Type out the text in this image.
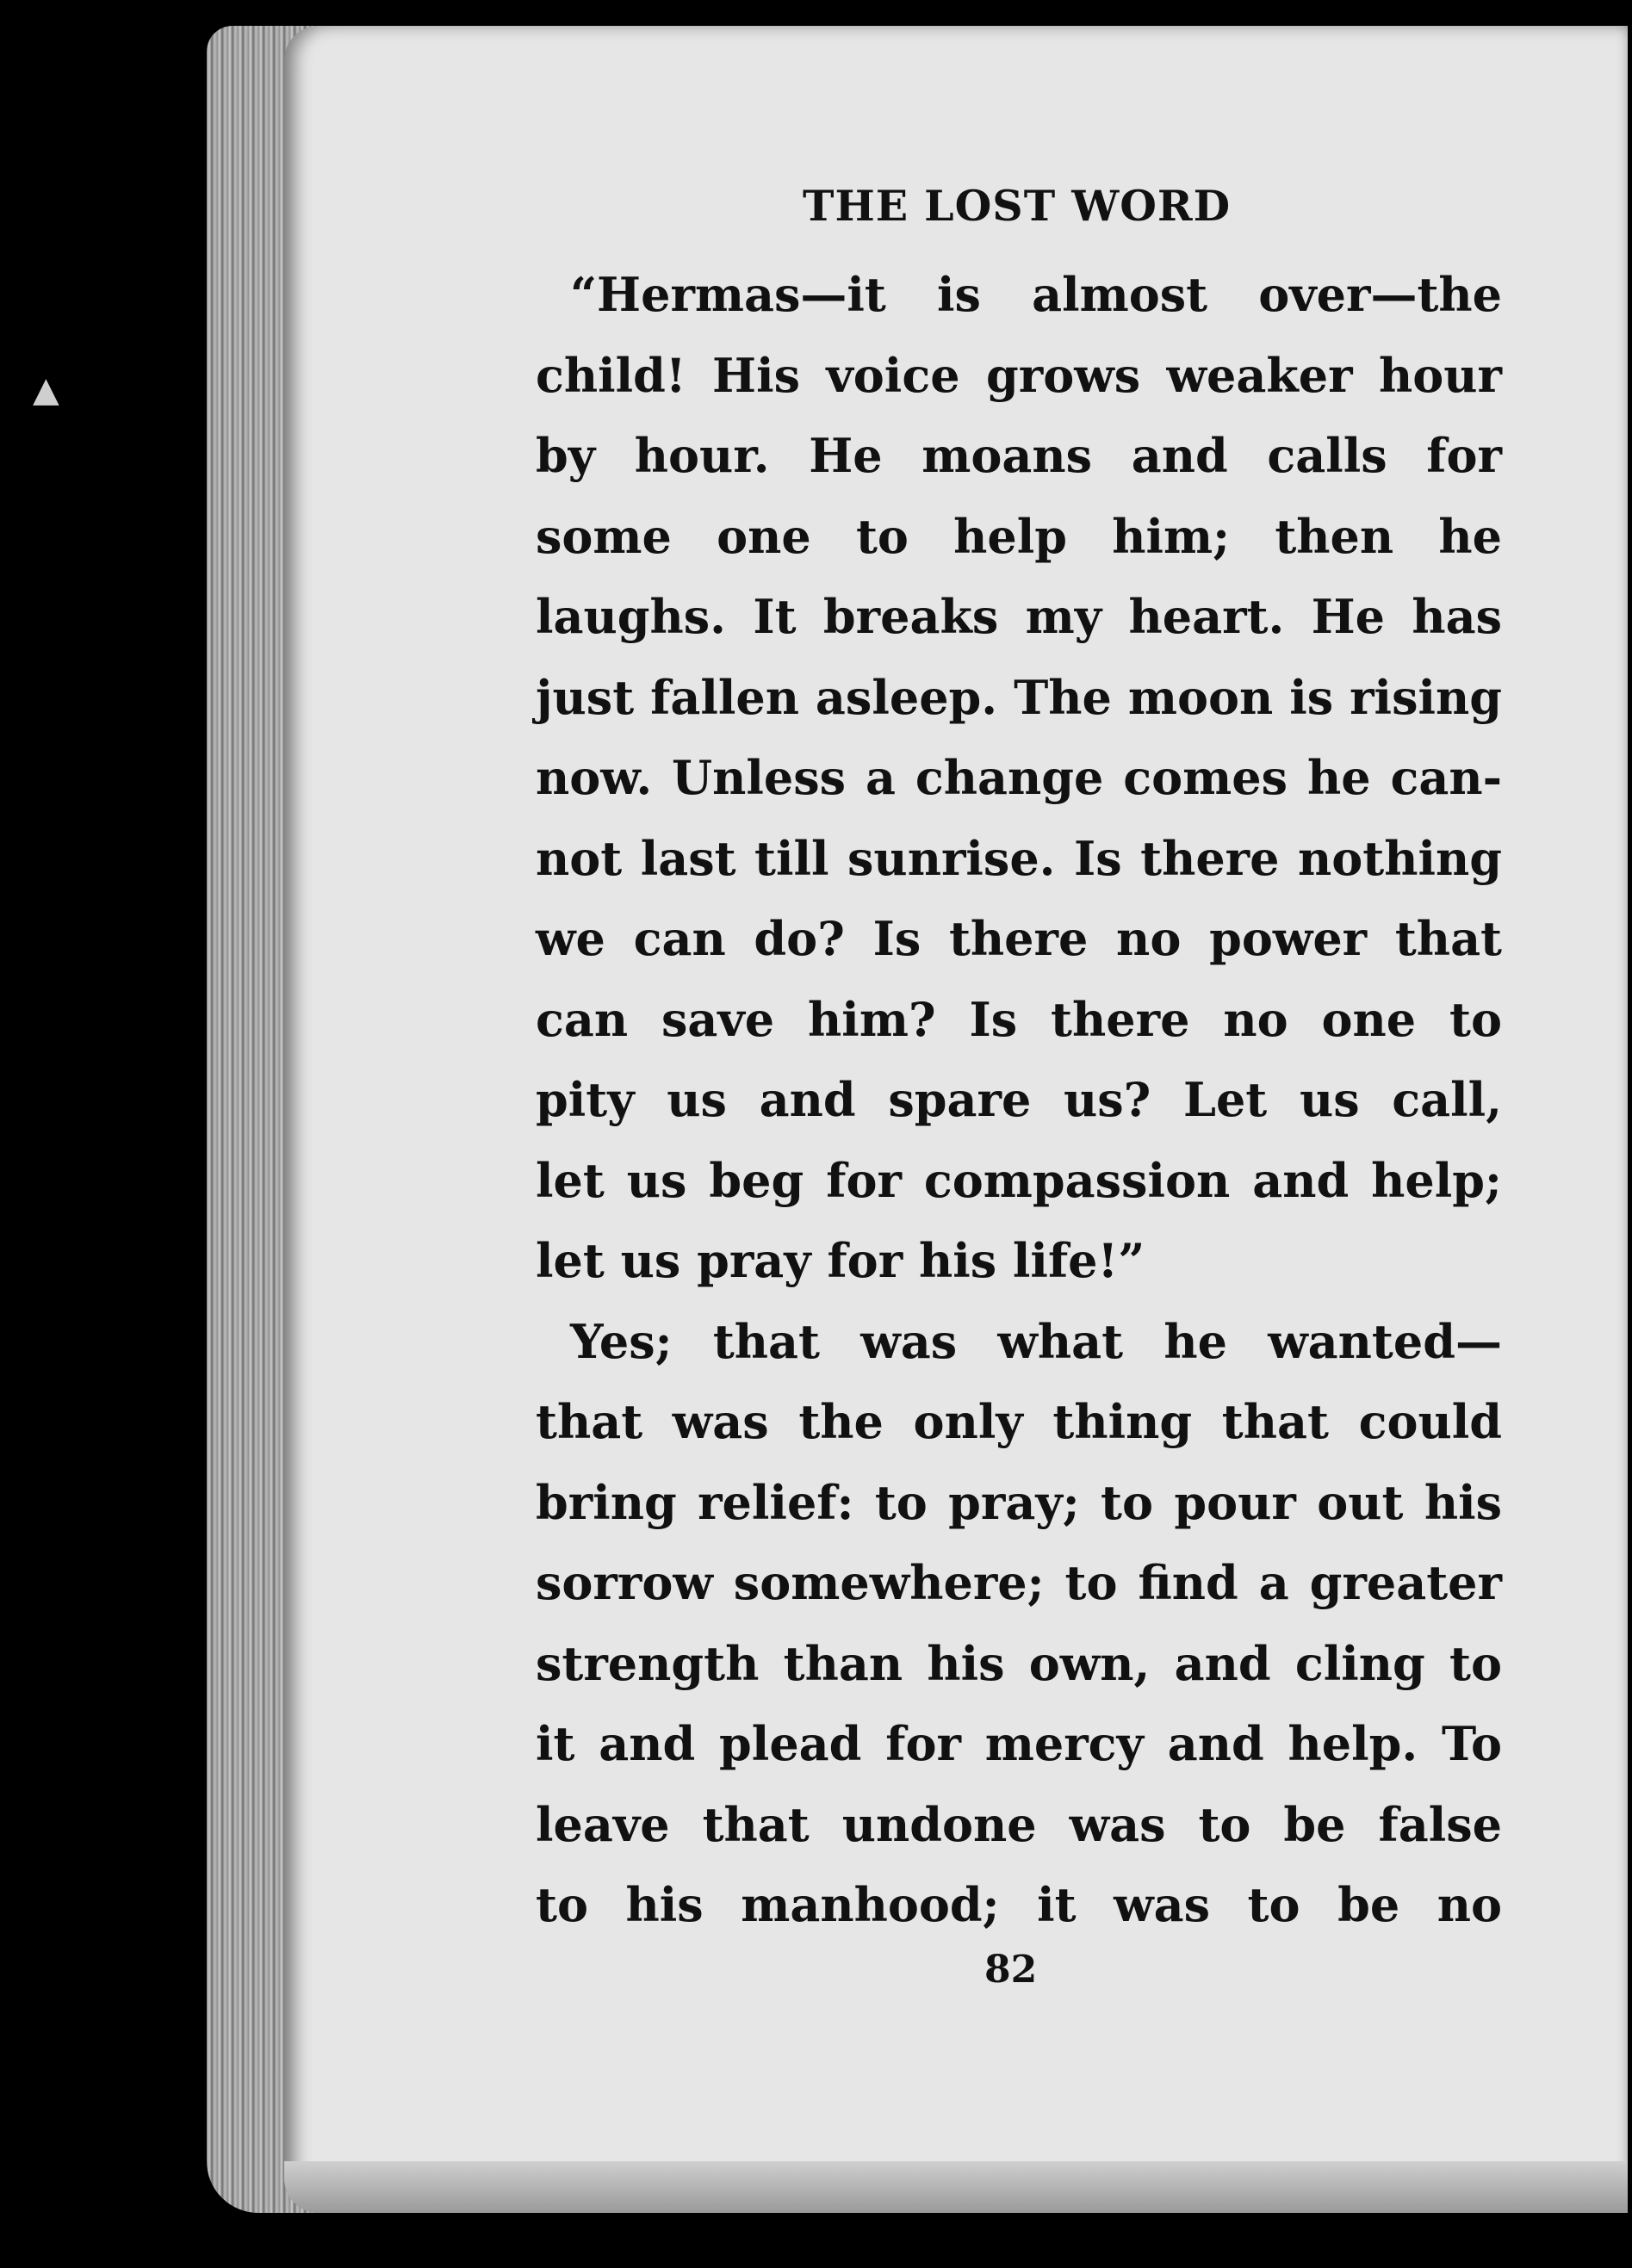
▲
THE LOST WORD
“Hermas—it is almost over—the
child! His voice grows weaker hour
by hour. He moans and calls for
some one to help him; then he
laughs. It breaks my heart. He has
just fallen asleep. The moon is rising
now. Unless a change comes he can-
not last till sunrise. Is there nothing
we can do? Is there no power that
can save him? Is there no one to
pity us and spare us? Let us call,
let us beg for compassion and help;
let us pray for his life!”
Yes; that was what he wanted—
that was the only thing that could
bring relief: to pray; to pour out his
sorrow somewhere; to find a greater
strength than his own, and cling to
it and plead for mercy and help. To
leave that undone was to be false
to his manhood; it was to be no
82
